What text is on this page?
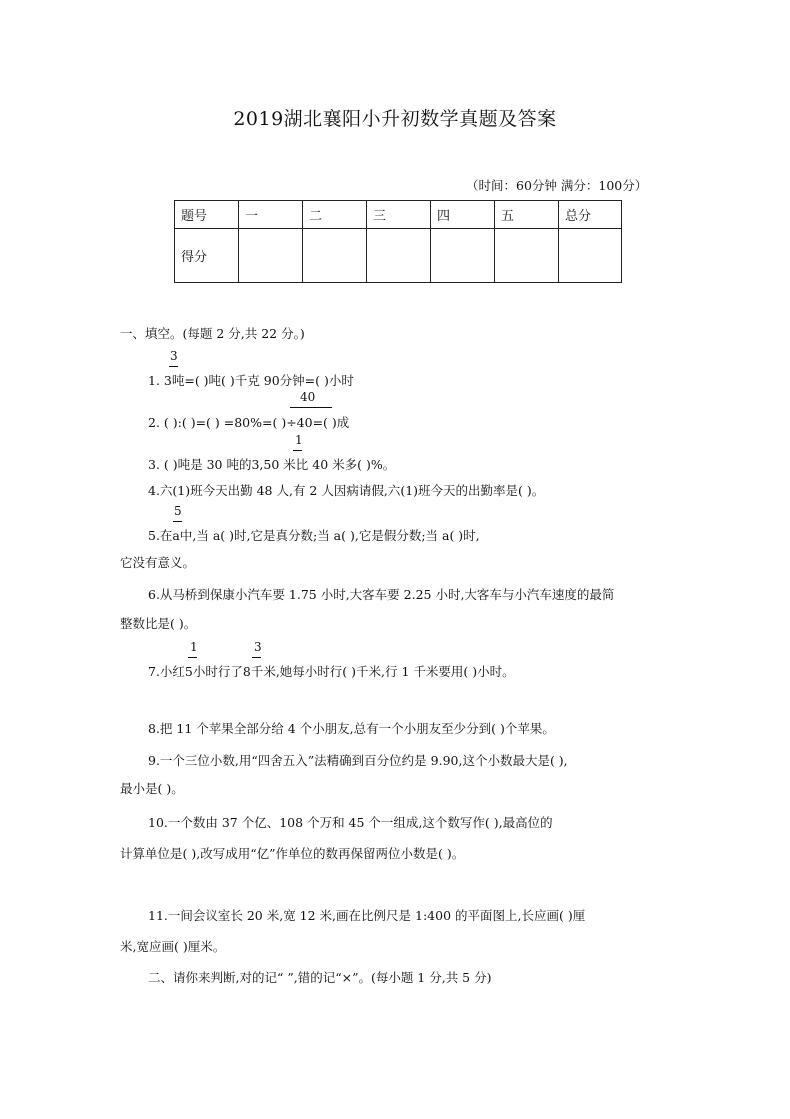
2019湖北襄阳小升初数学真题及答案
（时间：60分钟 满分：100分）
题号	一	二	三	四	五	总分
得分						
一、填空。(每题 2 分,共 22 分。)
3
1. 3吨=( )吨( )千克 90分钟=( )小时
40
2. ( ):( )=( ) =80%=( )÷40=( )成
1
3. ( )吨是 30 吨的3,50 米比 40 米多( )%。
4.六(1)班今天出勤 48 人,有 2 人因病请假,六(1)班今天的出勤率是( )。
5
5.在a中,当 a( )时,它是真分数;当 a( ),它是假分数;当 a( )时,
它没有意义。
6.从马桥到保康小汽车要 1.75 小时,大客车要 2.25 小时,大客车与小汽车速度的最简
整数比是( )。
1	3
7.小红5小时行了8千米,她每小时行( )千米,行 1 千米要用( )小时。
8.把 11 个苹果全部分给 4 个小朋友,总有一个小朋友至少分到( )个苹果。
9.一个三位小数,用“四舍五入”法精确到百分位约是 9.90,这个小数最大是( ),
最小是( )。
10.一个数由 37 个亿、108 个万和 45 个一组成,这个数写作( ),最高位的
计算单位是( ),改写成用“亿”作单位的数再保留两位小数是( )。
11.一间会议室长 20 米,宽 12 米,画在比例尺是 1:400 的平面图上,长应画( )厘
米,宽应画( )厘米。
二、请你来判断,对的记“ ”,错的记“×”。(每小题 1 分,共 5 分)
